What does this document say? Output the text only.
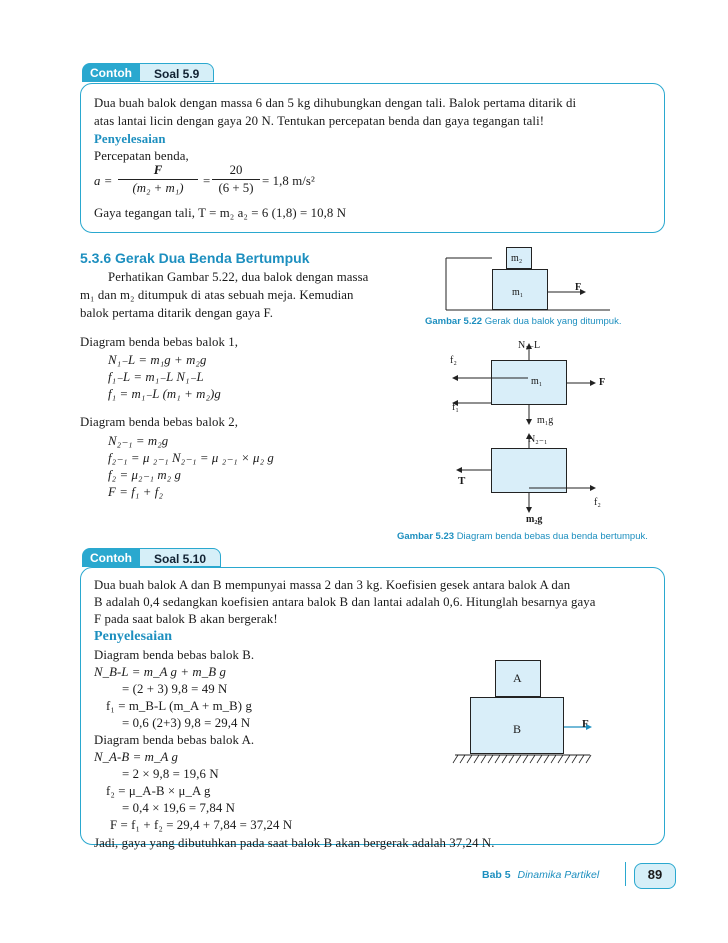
Contoh	Soal 5.9
Dua buah balok dengan massa 6 dan 5 kg dihubungkan dengan tali. Balok pertama ditarik di
atas lantai licin dengan gaya 20 N. Tentukan percepatan benda dan gaya tegangan tali!
Penyelesaian
Percepatan benda,
a =
F
(m₂ + m₁)	=
20
(6 + 5) = 1,8 m/s²
Gaya tegangan tali, T = m₂ a₂ = 6 (1,8) = 10,8 N
5.3.6 Gerak Dua Benda Bertumpuk
Perhatikan Gambar 5.22, dua balok dengan massa
m₁ dan m₂ ditumpuk di atas sebuah meja. Kemudian
balok pertama ditarik dengan gaya F.
Diagram benda bebas balok 1,
N₁₋L = m₁g + m₂g
f₁₋L = m₁₋L N₁₋L
f₁ = m₁₋L (m₁ + m₂)g
Diagram benda bebas balok 2,
N₂₋₁ = m₂g
f₂₋₁ = μ ₂₋₁ N₂₋₁ = μ ₂₋₁ × μ₂ g
f₂ = μ₂₋₁ m₂ g
F = f₁ + f₂
m₂
m₁	F
Gambar 5.22 Gerak dua balok yang ditumpuk.
N₁₋L
f₂
m₁	F
f₁
m₁g
N₂₋₁
T
f₂
m₂g
Gambar 5.23 Diagram benda bebas dua benda bertumpuk.
Contoh	Soal 5.10
Dua buah balok A dan B mempunyai massa 2 dan 3 kg. Koefisien gesek antara balok A dan
B adalah 0,4 sedangkan koefisien antara balok B dan lantai adalah 0,6. Hitunglah besarnya gaya
F pada saat balok B akan bergerak!
Penyelesaian
Diagram benda bebas balok B.
N_B-L = m_A g + m_B g
= (2 + 3) 9,8 = 49 N
f₁ = m_B-L (m_A + m_B) g
= 0,6 (2+3) 9,8 = 29,4 N
Diagram benda bebas balok A.
N_A-B = m_A g
= 2 × 9,8 = 19,6 N
f₂ = μ_A-B × μ_A g
= 0,4 × 19,6 = 7,84 N
F = f₁ + f₂ = 29,4 + 7,84 = 37,24 N
Jadi, gaya yang dibutuhkan pada saat balok B akan bergerak adalah 37,24 N.
A
B	F
Bab 5 Dinamika Partikel	89
